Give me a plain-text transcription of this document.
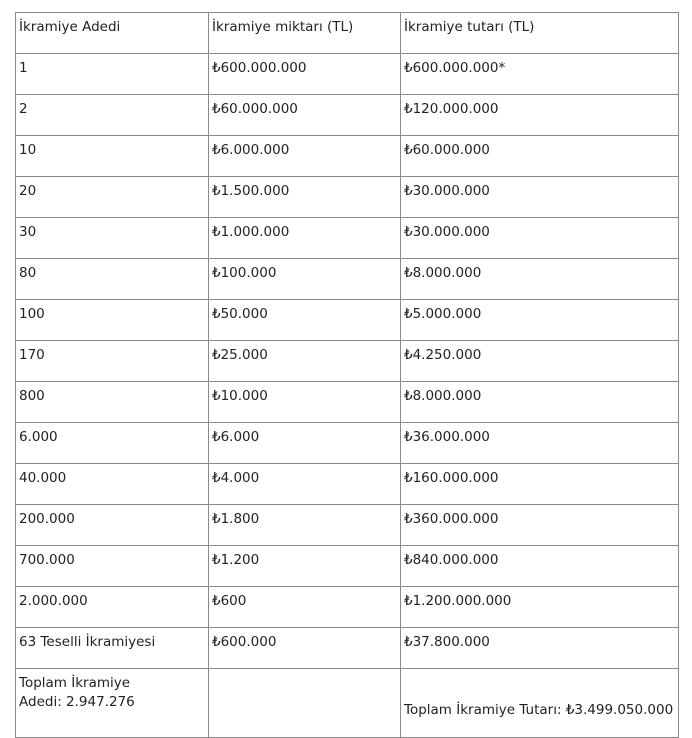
İkramiye Adedi	İkramiye miktarı (TL)	İkramiye tutarı (TL)
1	₺600.000.000	₺600.000.000*
2	₺60.000.000	₺120.000.000
10	₺6.000.000	₺60.000.000
20	₺1.500.000	₺30.000.000
30	₺1.000.000	₺30.000.000
80	₺100.000	₺8.000.000
100	₺50.000	₺5.000.000
170	₺25.000	₺4.250.000
800	₺10.000	₺8.000.000
6.000	₺6.000	₺36.000.000
40.000	₺4.000	₺160.000.000
200.000	₺1.800	₺360.000.000
700.000	₺1.200	₺840.000.000
2.000.000	₺600	₺1.200.000.000
63 Teselli İkramiyesi	₺600.000	₺37.800.000
Toplam İkramiye
Adedi: 2.947.276		Toplam İkramiye Tutarı: ₺3.499.050.000
